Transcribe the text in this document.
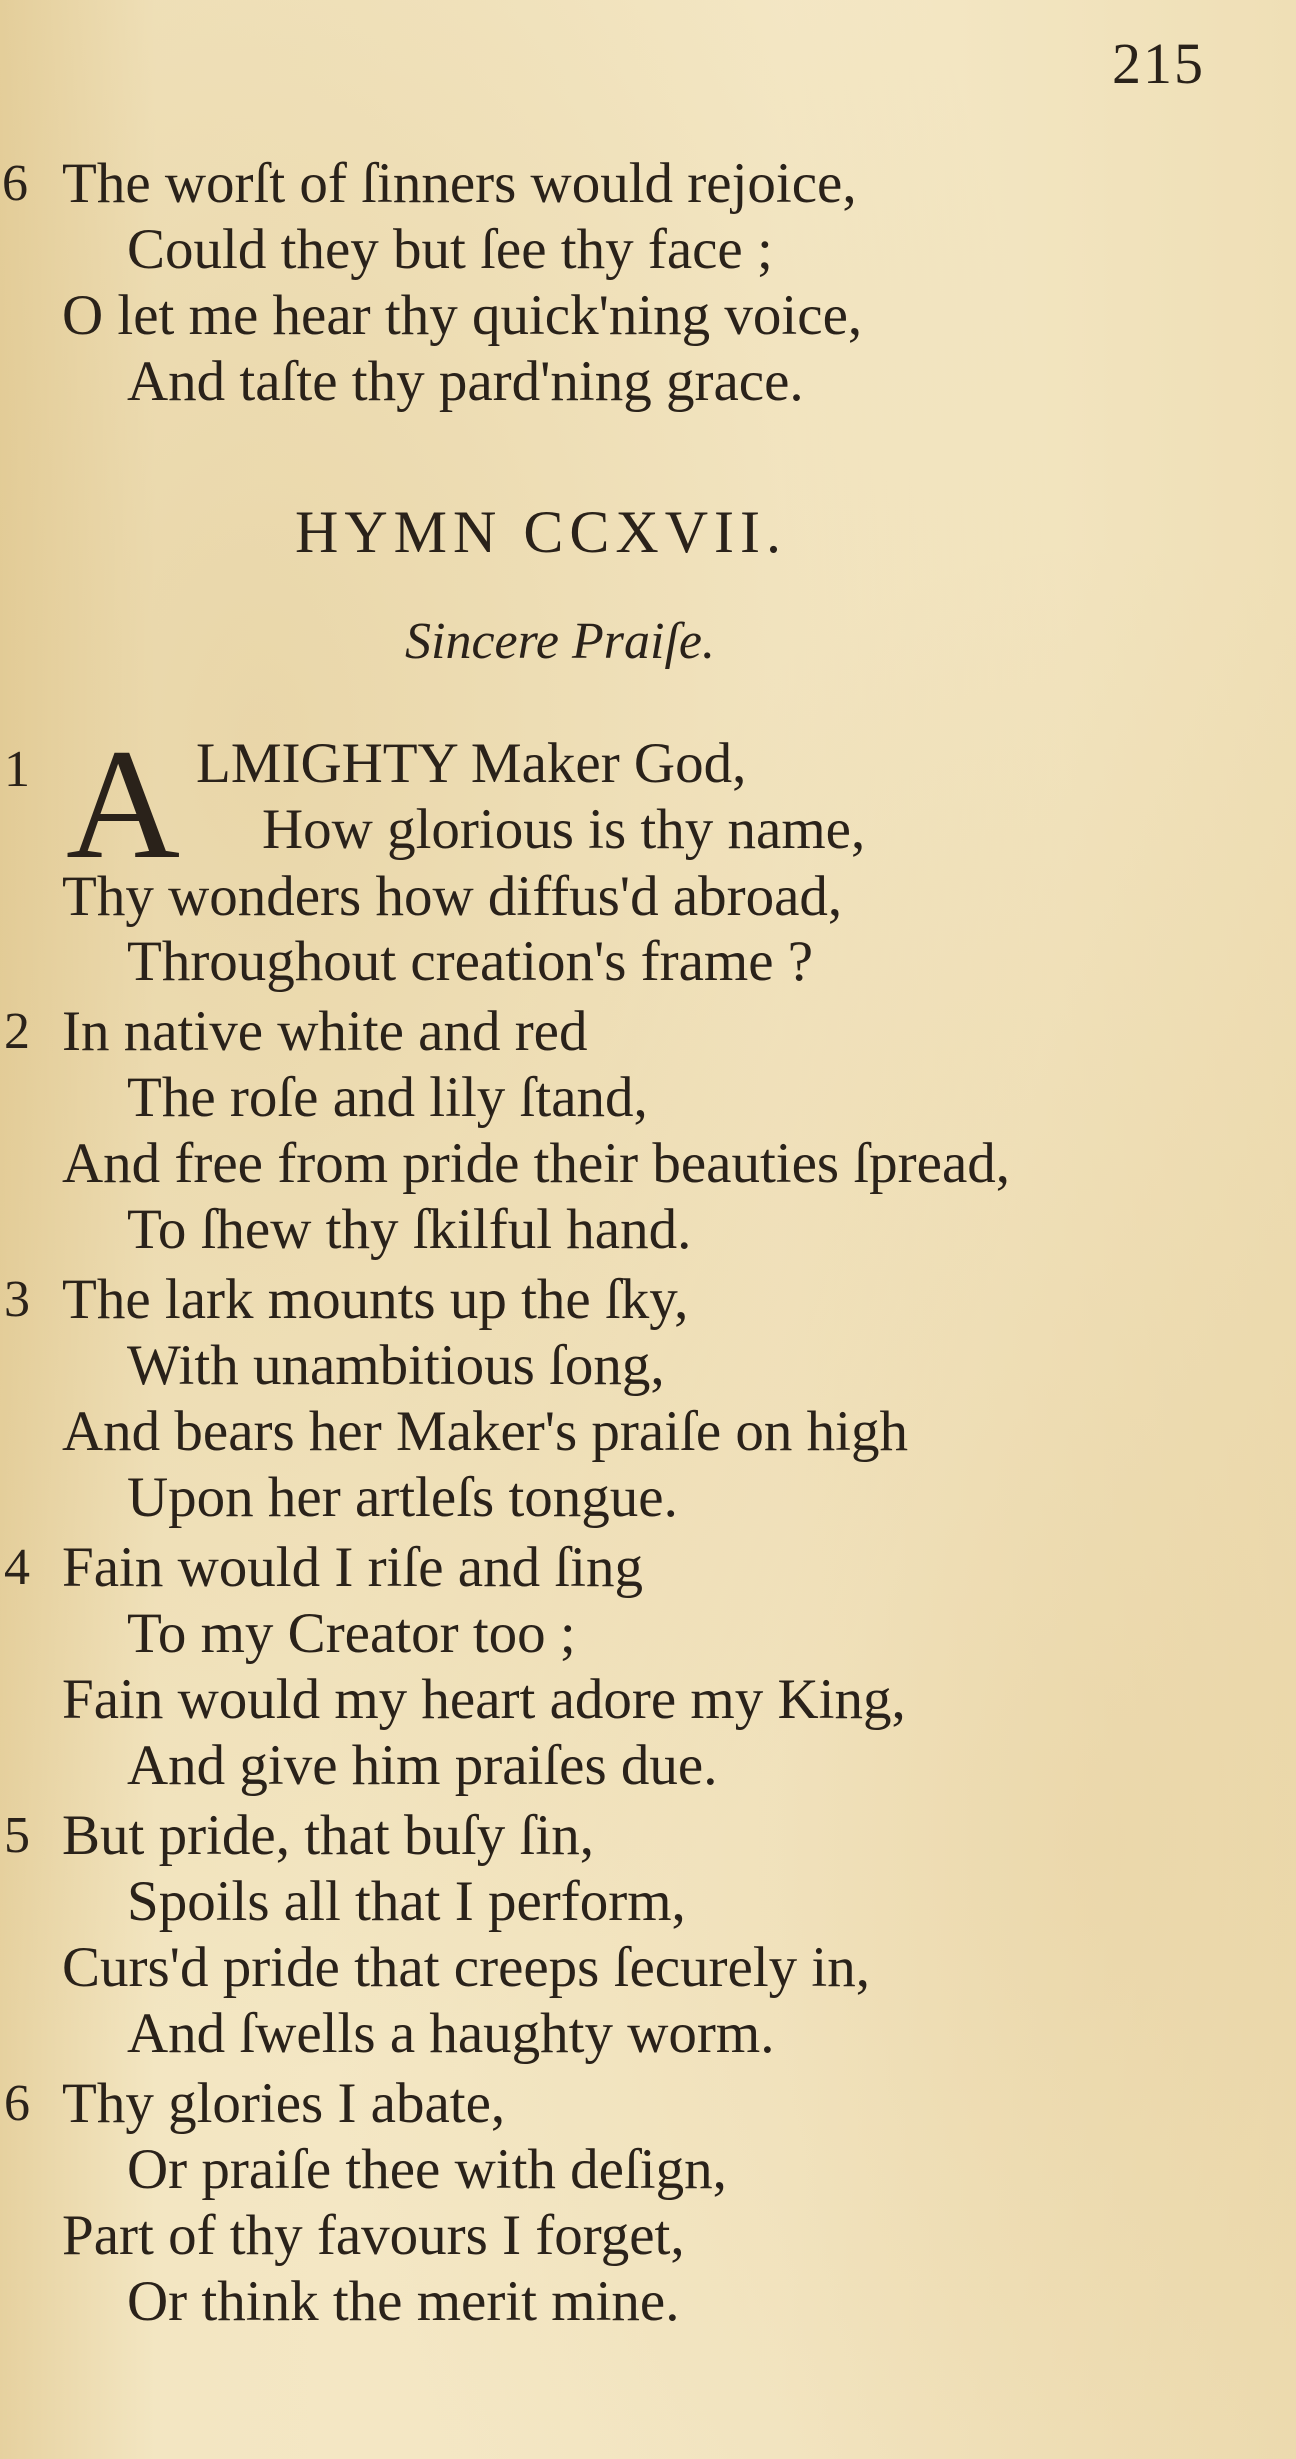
215
6 The worſt of ſinners would rejoice,
Could they but ſee thy face ;
O let me hear thy quick'ning voice,
And taſte thy pard'ning grace.
HYMN CCXVII.
Sincere Praiſe.
1 A LMIGHTY Maker God,
How glorious is thy name,
Thy wonders how diffus'd abroad,
Throughout creation's frame ?
2 In native white and red
The roſe and lily ſtand,
And free from pride their beauties ſpread,
To ſhew thy ſkilful hand.
3 The lark mounts up the ſky,
With unambitious ſong,
And bears her Maker's praiſe on high
Upon her artleſs tongue.
4 Fain would I riſe and ſing
To my Creator too ;
Fain would my heart adore my King,
And give him praiſes due.
5 But pride, that buſy ſin,
Spoils all that I perform,
Curs'd pride that creeps ſecurely in,
And ſwells a haughty worm.
6 Thy glories I abate,
Or praiſe thee with deſign,
Part of thy favours I forget,
Or think the merit mine.
